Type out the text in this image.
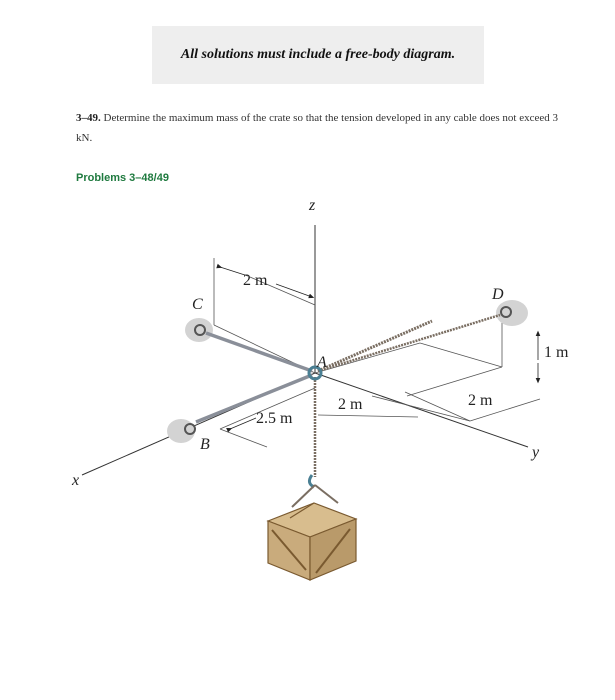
All solutions must include a free-body diagram.
3–49. Determine the maximum mass of the crate so that the tension developed in any cable does not exceed 3 kN.
Problems 3–48/49
z
x
y
A
B
C
D
2 m
2.5 m
2 m	2 m
1 m
